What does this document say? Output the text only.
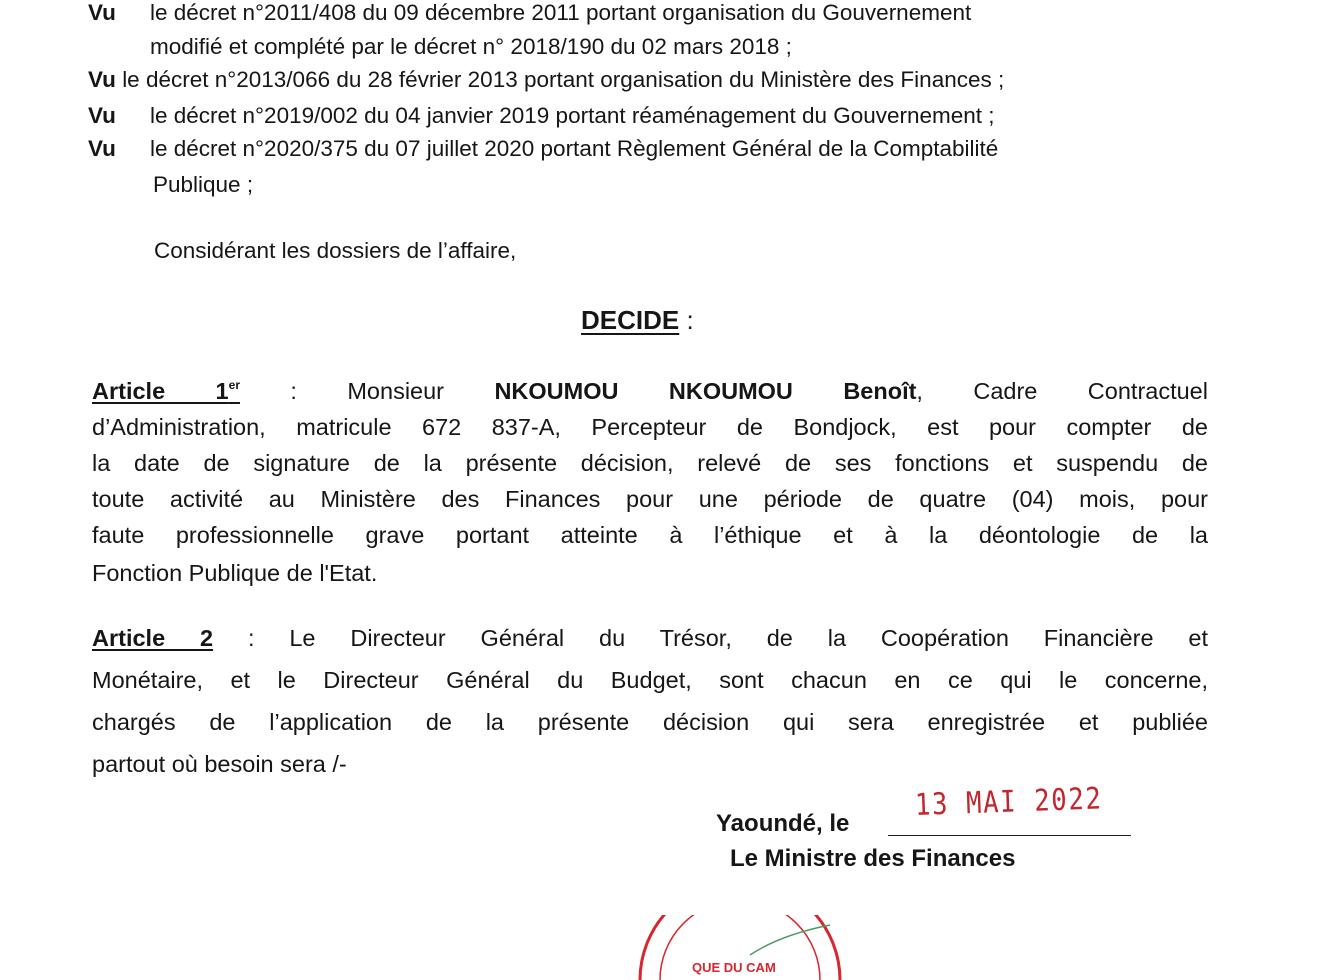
Vu le décret n°2011/408 du 09 décembre 2011 portant organisation du Gouvernement
modifié et complété par le décret n° 2018/190 du 02 mars 2018 ;
Vu le décret n°2013/066 du 28 février 2013 portant organisation du Ministère des Finances ;
Vu le décret n°2019/002 du 04 janvier 2019 portant réaménagement du Gouvernement ;
Vu le décret n°2020/375 du 07 juillet 2020 portant Règlement Général de la Comptabilité
Publique ;
Considérant les dossiers de l’affaire,
DECIDE :
Article 1er : Monsieur NKOUMOU NKOUMOU Benoît, Cadre Contractuel
d’Administration, matricule 672 837-A, Percepteur de Bondjock, est pour compter de
la date de signature de la présente décision, relevé de ses fonctions et suspendu de
toute activité au Ministère des Finances pour une période de quatre (04) mois, pour
faute professionnelle grave portant atteinte à l’éthique et à la déontologie de la
Fonction Publique de l'Etat.
Article 2 : Le Directeur Général du Trésor, de la Coopération Financière et
Monétaire, et le Directeur Général du Budget, sont chacun en ce qui le concerne,
chargés de l’application de la présente décision qui sera enregistrée et publiée
partout où besoin sera /-
Yaoundé, le
13 MAI 2022
Le Ministre des Finances
QUE DU CAM
